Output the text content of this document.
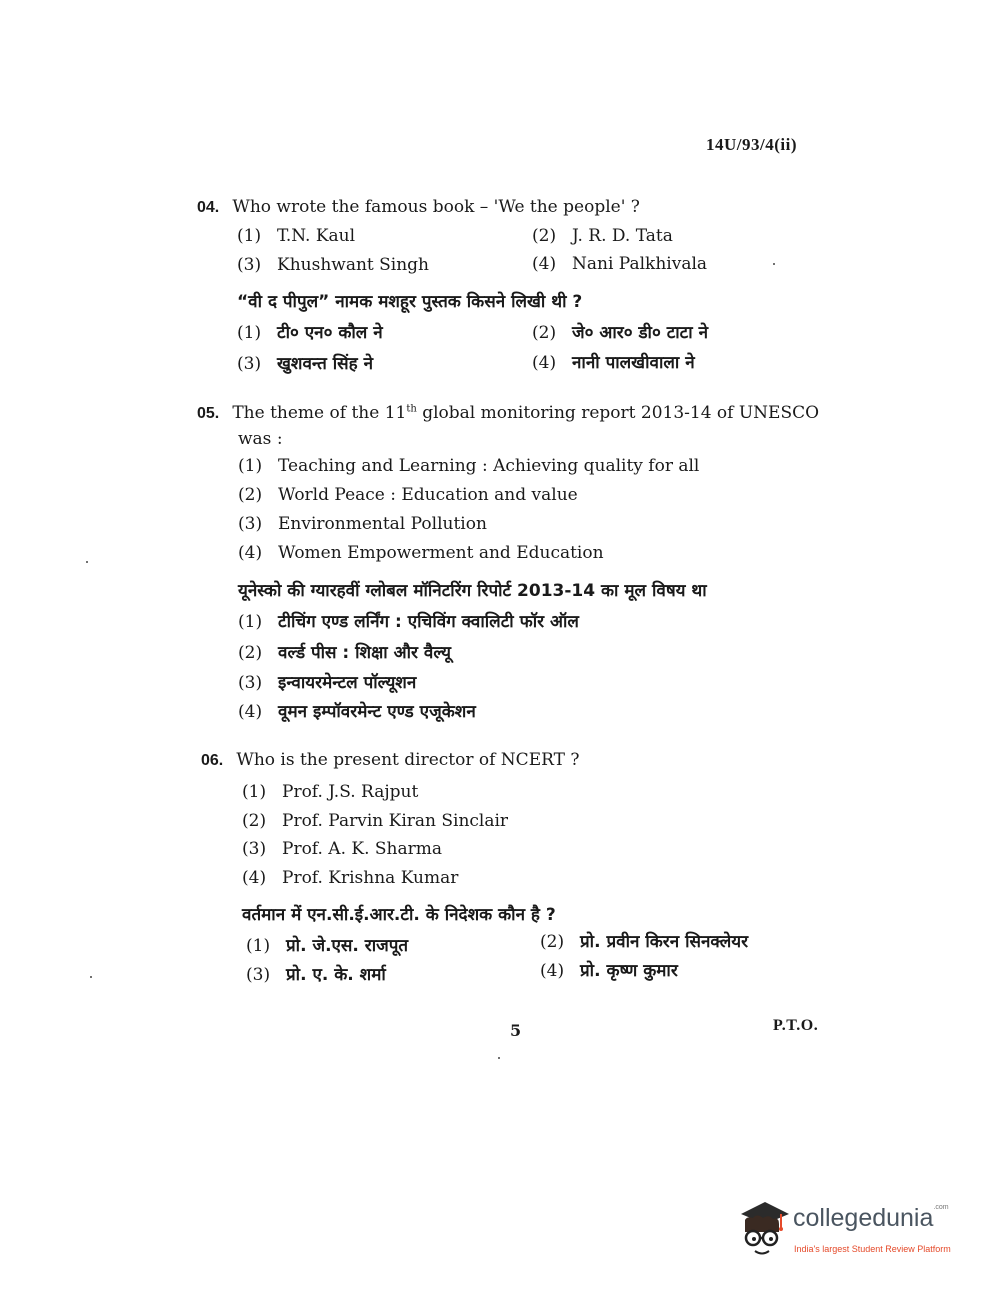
14U/93/4(ii)
04. Who wrote the famous book – 'We the people' ?
(1) T.N. Kaul	(2) J. R. D. Tata
(3) Khushwant Singh	(4) Nani Palkhivala
“वी द पीपुल” नामक मशहूर पुस्तक किसने लिखी थी ?
(1) टी० एन० कौल ने	(2) जे० आर० डी० टाटा ने
(3) खुशवन्त सिंह ने	(4) नानी पालखीवाला ने
05. The theme of the 11th global monitoring report 2013-14 of UNESCO
was :
(1) Teaching and Learning : Achieving quality for all
(2) World Peace : Education and value
(3) Environmental Pollution
(4) Women Empowerment and Education
यूनेस्को की ग्यारहवीं ग्लोबल मॉनिटरिंग रिपोर्ट 2013-14 का मूल विषय था
(1) टीचिंग एण्ड लर्निंग : एचिविंग क्वालिटी फॉर ऑल
(2) वर्ल्ड पीस : शिक्षा और वैल्यू
(3) इन्वायरमेन्टल पॉल्यूशन
(4) वूमन इम्पॉवरमेन्ट एण्ड एजूकेशन
06. Who is the present director of NCERT ?
(1) Prof. J.S. Rajput
(2) Prof. Parvin Kiran Sinclair
(3) Prof. A. K. Sharma
(4) Prof. Krishna Kumar
वर्तमान में एन.सी.ई.आर.टी. के निदेशक कौन है ?
(1) प्रो. जे.एस. राजपूत	(2) प्रो. प्रवीन किरन सिनक्लेयर
(3) प्रो. ए. के. शर्मा	(4) प्रो. कृष्ण कुमार
5	P.T.O.
collegedunia$^{.com}$
India's largest Student Review Platform
